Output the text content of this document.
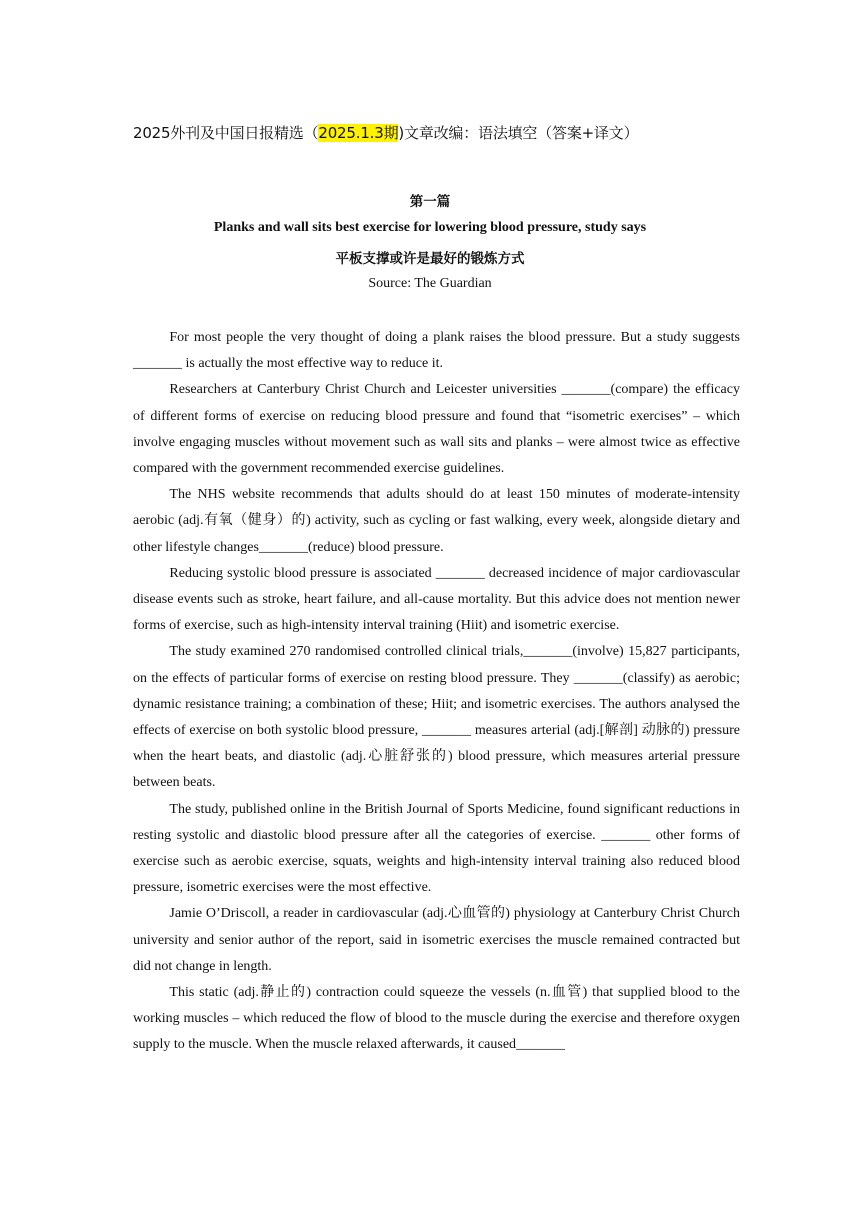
2025外刊及中国日报精选（2025.1.3期)文章改编：语法填空（答案+译文）
第一篇
Planks and wall sits best exercise for lowering blood pressure, study says
平板支撑或许是最好的锻炼方式
Source: The Guardian

For most people the very thought of doing a plank raises the blood pressure. But a study suggests _______ is actually the most effective way to reduce it.

Researchers at Canterbury Christ Church and Leicester universities _______(compare) the efficacy of different forms of exercise on reducing blood pressure and found that “isometric exercises” – which involve engaging muscles without movement such as wall sits and planks – were almost twice as effective compared with the government recommended exercise guidelines.

The NHS website recommends that adults should do at least 150 minutes of moderate-intensity aerobic (adj.有氧（健身）的) activity, such as cycling or fast walking, every week, alongside dietary and other lifestyle changes_______(reduce) blood pressure.

Reducing systolic blood pressure is associated _______ decreased incidence of major cardiovascular disease events such as stroke, heart failure, and all-cause mortality. But this advice does not mention newer forms of exercise, such as high-intensity interval training (Hiit) and isometric exercise.

The study examined 270 randomised controlled clinical trials,_______(involve) 15,827 participants, on the effects of particular forms of exercise on resting blood pressure. They _______(classify) as aerobic; dynamic resistance training; a combination of these; Hiit; and isometric exercises. The authors analysed the effects of exercise on both systolic blood pressure, _______ measures arterial (adj.[解剖] 动脉的) pressure when the heart beats, and diastolic (adj.心脏舒张的) blood pressure, which measures arterial pressure between beats.

The study, published online in the British Journal of Sports Medicine, found significant reductions in resting systolic and diastolic blood pressure after all the categories of exercise. _______ other forms of exercise such as aerobic exercise, squats, weights and high-intensity interval training also reduced blood pressure, isometric exercises were the most effective.

Jamie O’Driscoll, a reader in cardiovascular (adj.心血管的) physiology at Canterbury Christ Church university and senior author of the report, said in isometric exercises the muscle remained contracted but did not change in length.

This static (adj.静止的) contraction could squeeze the vessels (n.血管) that supplied blood to the working muscles – which reduced the flow of blood to the muscle during the exercise and therefore oxygen supply to the muscle. When the muscle relaxed afterwards, it caused_______
